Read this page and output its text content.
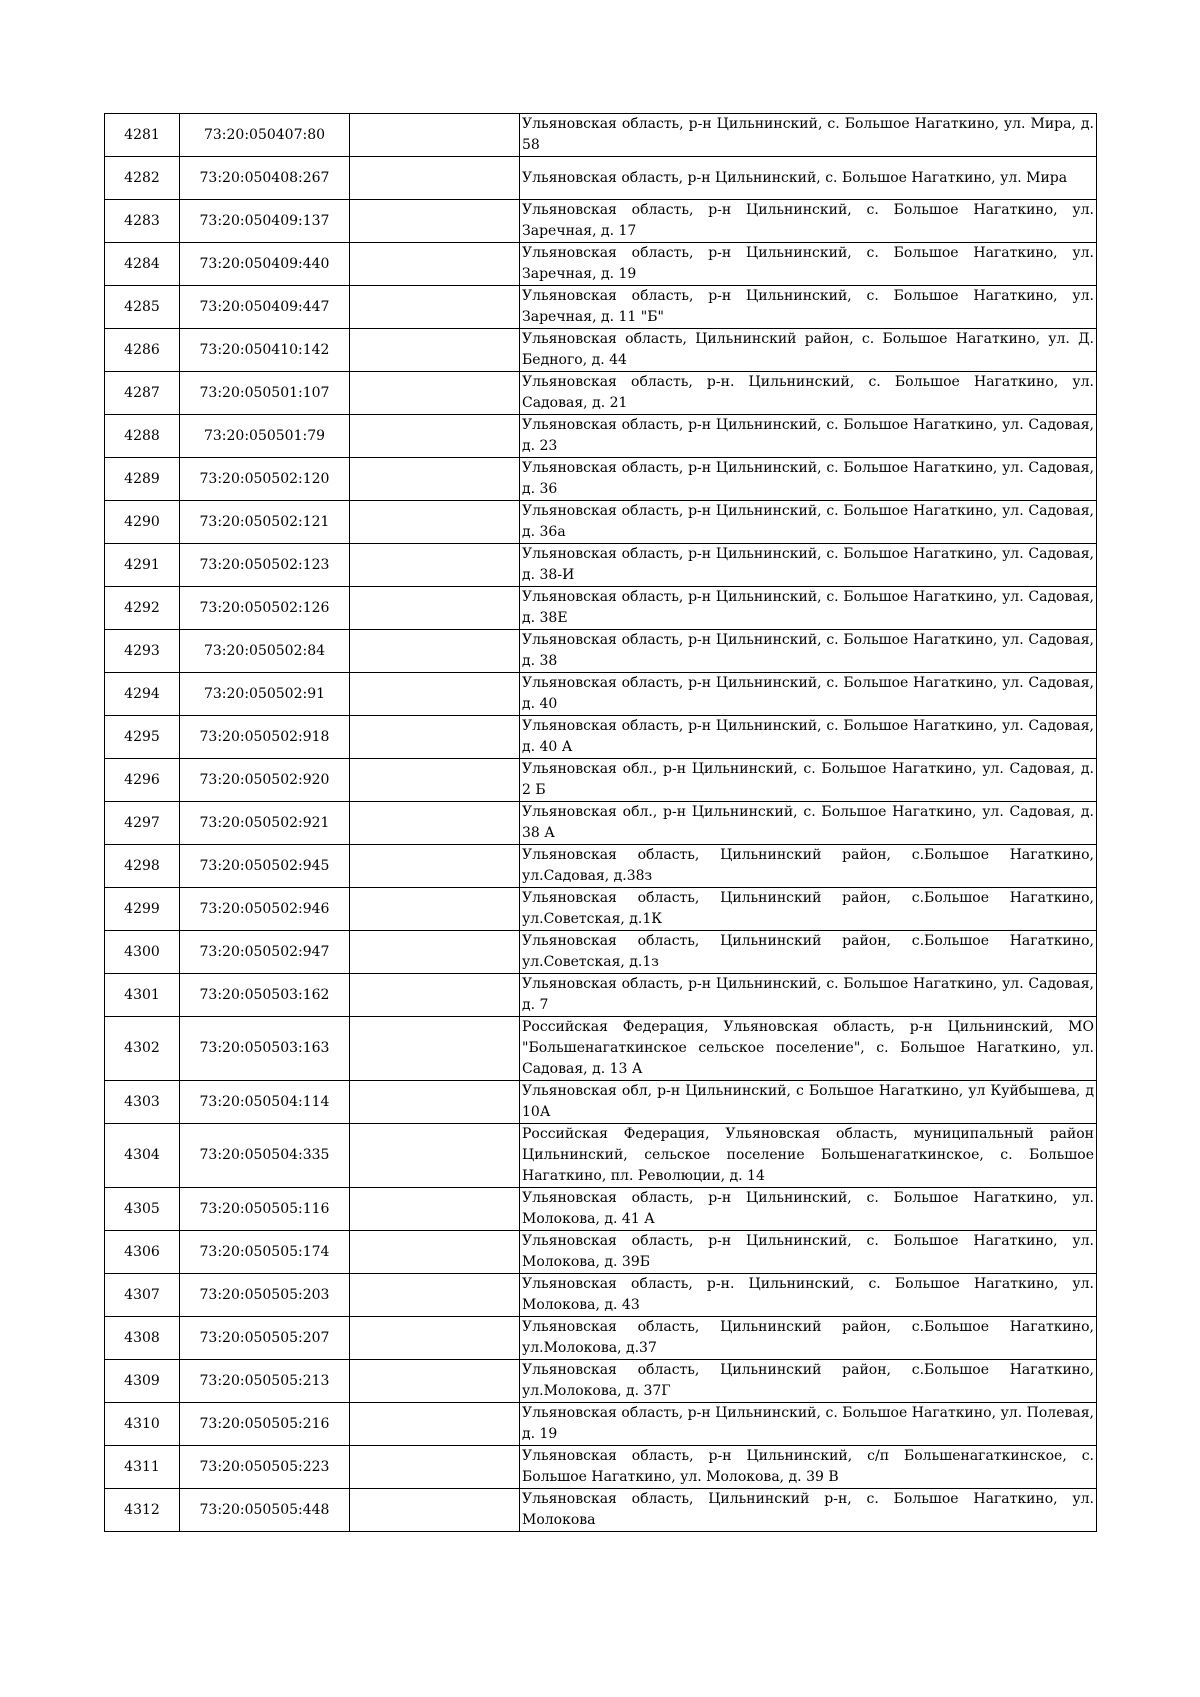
4281	73:20:050407:80		Ульяновская область, р-н Цильнинский, с. Большое Нагаткино, ул. Мира, д. 58
4282	73:20:050408:267		Ульяновская область, р-н Цильнинский, с. Большое Нагаткино, ул. Мира
4283	73:20:050409:137		Ульяновская область, р-н Цильнинский, с. Большое Нагаткино, ул. Заречная, д. 17
4284	73:20:050409:440		Ульяновская область, р-н Цильнинский, с. Большое Нагаткино, ул. Заречная, д. 19
4285	73:20:050409:447		Ульяновская область, р-н Цильнинский, с. Большое Нагаткино, ул. Заречная, д. 11 "Б"
4286	73:20:050410:142		Ульяновская область, Цильнинский район, с. Большое Нагаткино, ул. Д. Бедного, д. 44
4287	73:20:050501:107		Ульяновская область, р-н. Цильнинский, с. Большое Нагаткино, ул. Садовая, д. 21
4288	73:20:050501:79		Ульяновская область, р-н Цильнинский, с. Большое Нагаткино, ул. Садовая, д. 23
4289	73:20:050502:120		Ульяновская область, р-н Цильнинский, с. Большое Нагаткино, ул. Садовая, д. 36
4290	73:20:050502:121		Ульяновская область, р-н Цильнинский, с. Большое Нагаткино, ул. Садовая, д. 36а
4291	73:20:050502:123		Ульяновская область, р-н Цильнинский, с. Большое Нагаткино, ул. Садовая, д. 38-И
4292	73:20:050502:126		Ульяновская область, р-н Цильнинский, с. Большое Нагаткино, ул. Садовая, д. 38Е
4293	73:20:050502:84		Ульяновская область, р-н Цильнинский, с. Большое Нагаткино, ул. Садовая, д. 38
4294	73:20:050502:91		Ульяновская область, р-н Цильнинский, с. Большое Нагаткино, ул. Садовая, д. 40
4295	73:20:050502:918		Ульяновская область, р-н Цильнинский, с. Большое Нагаткино, ул. Садовая, д. 40 А
4296	73:20:050502:920		Ульяновская обл., р-н Цильнинский, с. Большое Нагаткино, ул. Садовая, д. 2 Б
4297	73:20:050502:921		Ульяновская обл., р-н Цильнинский, с. Большое Нагаткино, ул. Садовая, д. 38 А
4298	73:20:050502:945		Ульяновская область, Цильнинский район, с.Большое Нагаткино, ул.Садовая, д.38з
4299	73:20:050502:946		Ульяновская область, Цильнинский район, с.Большое Нагаткино, ул.Советская, д.1К
4300	73:20:050502:947		Ульяновская область, Цильнинский район, с.Большое Нагаткино, ул.Советская, д.1з
4301	73:20:050503:162		Ульяновская область, р-н Цильнинский, с. Большое Нагаткино, ул. Садовая, д. 7
4302	73:20:050503:163		Российская Федерация, Ульяновская область, р-н Цильнинский, МО "Большенагаткинское сельское поселение", с. Большое Нагаткино, ул. Садовая, д. 13 А
4303	73:20:050504:114		Ульяновская обл, р-н Цильнинский, с Большое Нагаткино, ул Куйбышева, д 10А
4304	73:20:050504:335		Российская Федерация, Ульяновская область, муниципальный район Цильнинский, сельское поселение Большенагаткинское, с. Большое Нагаткино, пл. Революции, д. 14
4305	73:20:050505:116		Ульяновская область, р-н Цильнинский, с. Большое Нагаткино, ул. Молокова, д. 41 А
4306	73:20:050505:174		Ульяновская область, р-н Цильнинский, с. Большое Нагаткино, ул. Молокова, д. 39Б
4307	73:20:050505:203		Ульяновская область, р-н. Цильнинский, с. Большое Нагаткино, ул. Молокова, д. 43
4308	73:20:050505:207		Ульяновская область, Цильнинский район, с.Большое Нагаткино, ул.Молокова, д.37
4309	73:20:050505:213		Ульяновская область, Цильнинский район, с.Большое Нагаткино, ул.Молокова, д. 37Г
4310	73:20:050505:216		Ульяновская область, р-н Цильнинский, с. Большое Нагаткино, ул. Полевая, д. 19
4311	73:20:050505:223		Ульяновская область, р-н Цильнинский, с/п Большенагаткинское, с. Большое Нагаткино, ул. Молокова, д. 39 В
4312	73:20:050505:448		Ульяновская область, Цильнинский р-н, с. Большое Нагаткино, ул. Молокова
